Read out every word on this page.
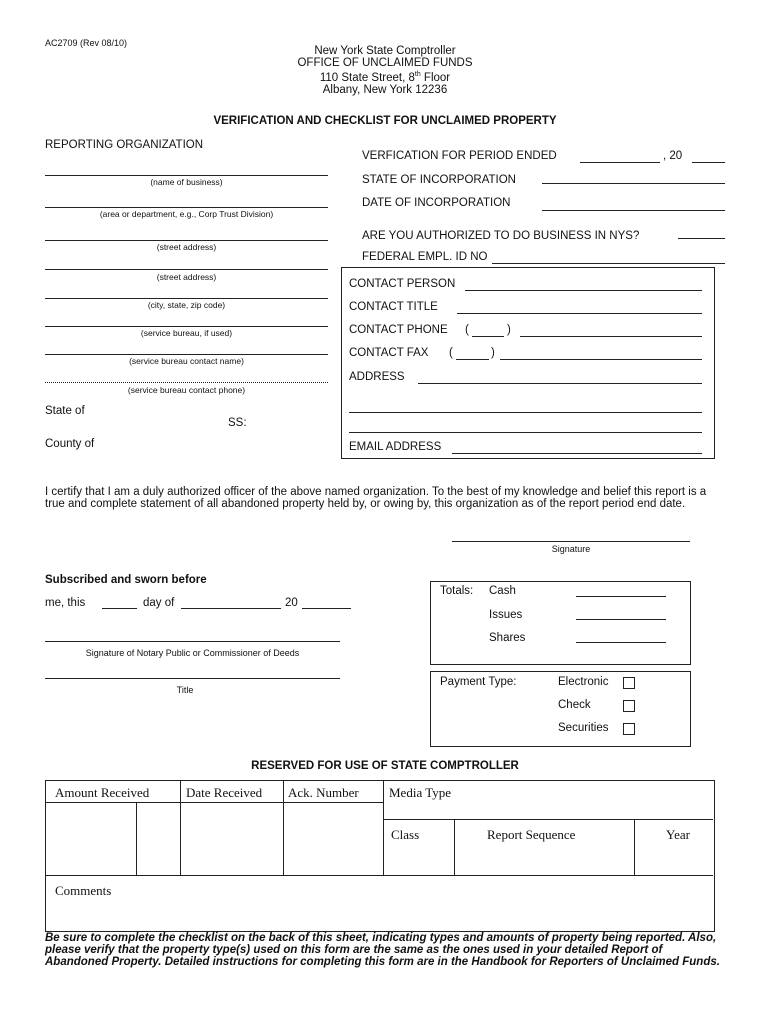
AC2709 (Rev 08/10)
New York State Comptroller
OFFICE OF UNCLAIMED FUNDS
110 State Street, 8th Floor
Albany, New York 12236
VERIFICATION AND CHECKLIST FOR UNCLAIMED PROPERTY
REPORTING ORGANIZATION
(name of business)
(area or department, e.g., Corp Trust Division)
(street address)
(street address)
(city, state, zip code)
(service bureau, if used)
(service bureau contact name)
(service bureau contact phone)
State of
SS:
County of
VERFICATION FOR PERIOD ENDED	, 20
STATE OF INCORPORATION
DATE OF INCORPORATION
ARE YOU AUTHORIZED TO DO BUSINESS IN NYS?
FEDERAL EMPL. ID NO
CONTACT PERSON
CONTACT TITLE
CONTACT PHONE (	)
CONTACT FAX (	)
ADDRESS
EMAIL ADDRESS
I certify that I am a duly authorized officer of the above named organization. To the best of my knowledge and belief this report is a true and complete statement of all abandoned property held by, or owing by, this organization as of the report period end date.
Signature
Subscribed and sworn before
me, this	day of	20
Signature of Notary Public or Commissioner of Deeds
Title
Totals: Cash
Issues
Shares
Payment Type:	Electronic
Check
Securities
RESERVED FOR USE OF STATE COMPTROLLER
Amount Received	Date Received Ack. Number Media Type
Class	Report Sequence	Year
Comments
Be sure to complete the checklist on the back of this sheet, indicating types and amounts of property being reported. Also, please verify that the property type(s) used on this form are the same as the ones used in your detailed Report of Abandoned Property. Detailed instructions for completing this form are in the Handbook for Reporters of Unclaimed Funds.
